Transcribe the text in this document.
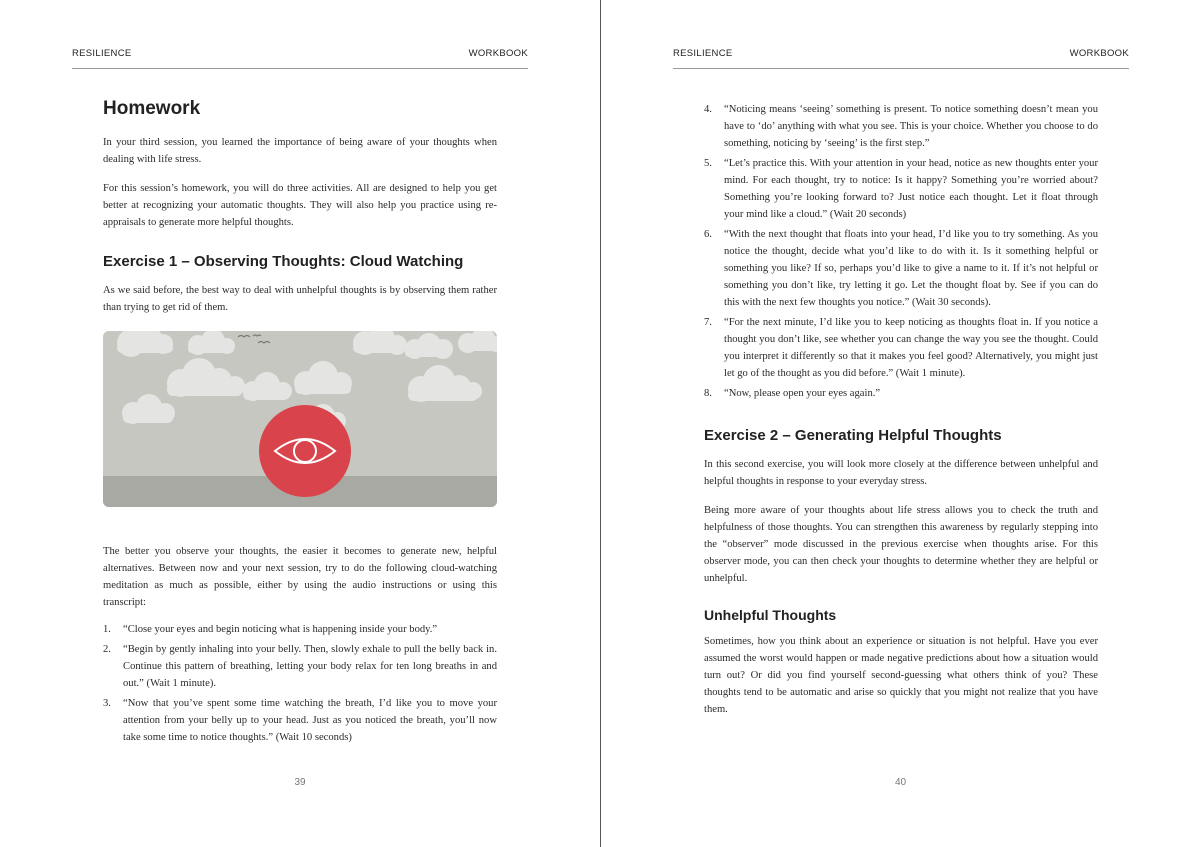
RESILIENCE	WORKBOOK
Homework

In your third session, you learned the importance of being aware of your thoughts when dealing with life stress.

For this session’s homework, you will do three activities. All are designed to help you get better at recognizing your automatic thoughts. They will also help you practice using re-appraisals to generate more helpful thoughts.

Exercise 1 – Observing Thoughts: Cloud Watching

As we said before, the best way to deal with unhelpful thoughts is by observing them rather than trying to get rid of them.

The better you observe your thoughts, the easier it becomes to generate new, helpful alternatives. Between now and your next session, try to do the following cloud-watching meditation as much as possible, either by using the audio instructions or using this transcript:

1. “Close your eyes and begin noticing what is happening inside your body.”
2. “Begin by gently inhaling into your belly. Then, slowly exhale to pull the belly back in. Continue this pattern of breathing, letting your body relax for ten long breaths in and out.” (Wait 1 minute).
3. “Now that you’ve spent some time watching the breath, I’d like you to move your attention from your belly up to your head. Just as you noticed the breath, you’ll now take some time to notice thoughts.” (Wait 10 seconds)
39
RESILIENCE	WORKBOOK
4. “Noticing means ‘seeing’ something is present. To notice something doesn’t mean you have to ‘do’ anything with what you see. This is your choice. Whether you choose to do something, noticing by ‘seeing’ is the first step.”
5. “Let’s practice this. With your attention in your head, notice as new thoughts enter your mind. For each thought, try to notice: Is it happy? Something you’re worried about? Something you’re looking forward to? Just notice each thought. Let it float through your mind like a cloud.” (Wait 20 seconds)
6. “With the next thought that floats into your head, I’d like you to try something. As you notice the thought, decide what you’d like to do with it. Is it something helpful or something you like? If so, perhaps you’d like to give a name to it. If it’s not helpful or something you don’t like, try letting it go. Let the thought float by. See if you can do this with the next few thoughts you notice.” (Wait 30 seconds).
7. “For the next minute, I’d like you to keep noticing as thoughts float in. If you notice a thought you don’t like, see whether you can change the way you see the thought. Could you interpret it differently so that it makes you feel good? Alternatively, you might just let go of the thought as you did before.” (Wait 1 minute).
8. “Now, please open your eyes again.”
Exercise 2 – Generating Helpful Thoughts

In this second exercise, you will look more closely at the difference between unhelpful and helpful thoughts in response to your everyday stress.

Being more aware of your thoughts about life stress allows you to check the truth and helpfulness of those thoughts. You can strengthen this awareness by regularly stepping into the “observer” mode discussed in the previous exercise when thoughts arise. For this observer mode, you can then check your thoughts to determine whether they are helpful or unhelpful.

Unhelpful Thoughts

Sometimes, how you think about an experience or situation is not helpful. Have you ever assumed the worst would happen or made negative predictions about how a situation would turn out? Or did you find yourself second-guessing what others think of you? These thoughts tend to be automatic and arise so quickly that you might not realize that you have them.

40
